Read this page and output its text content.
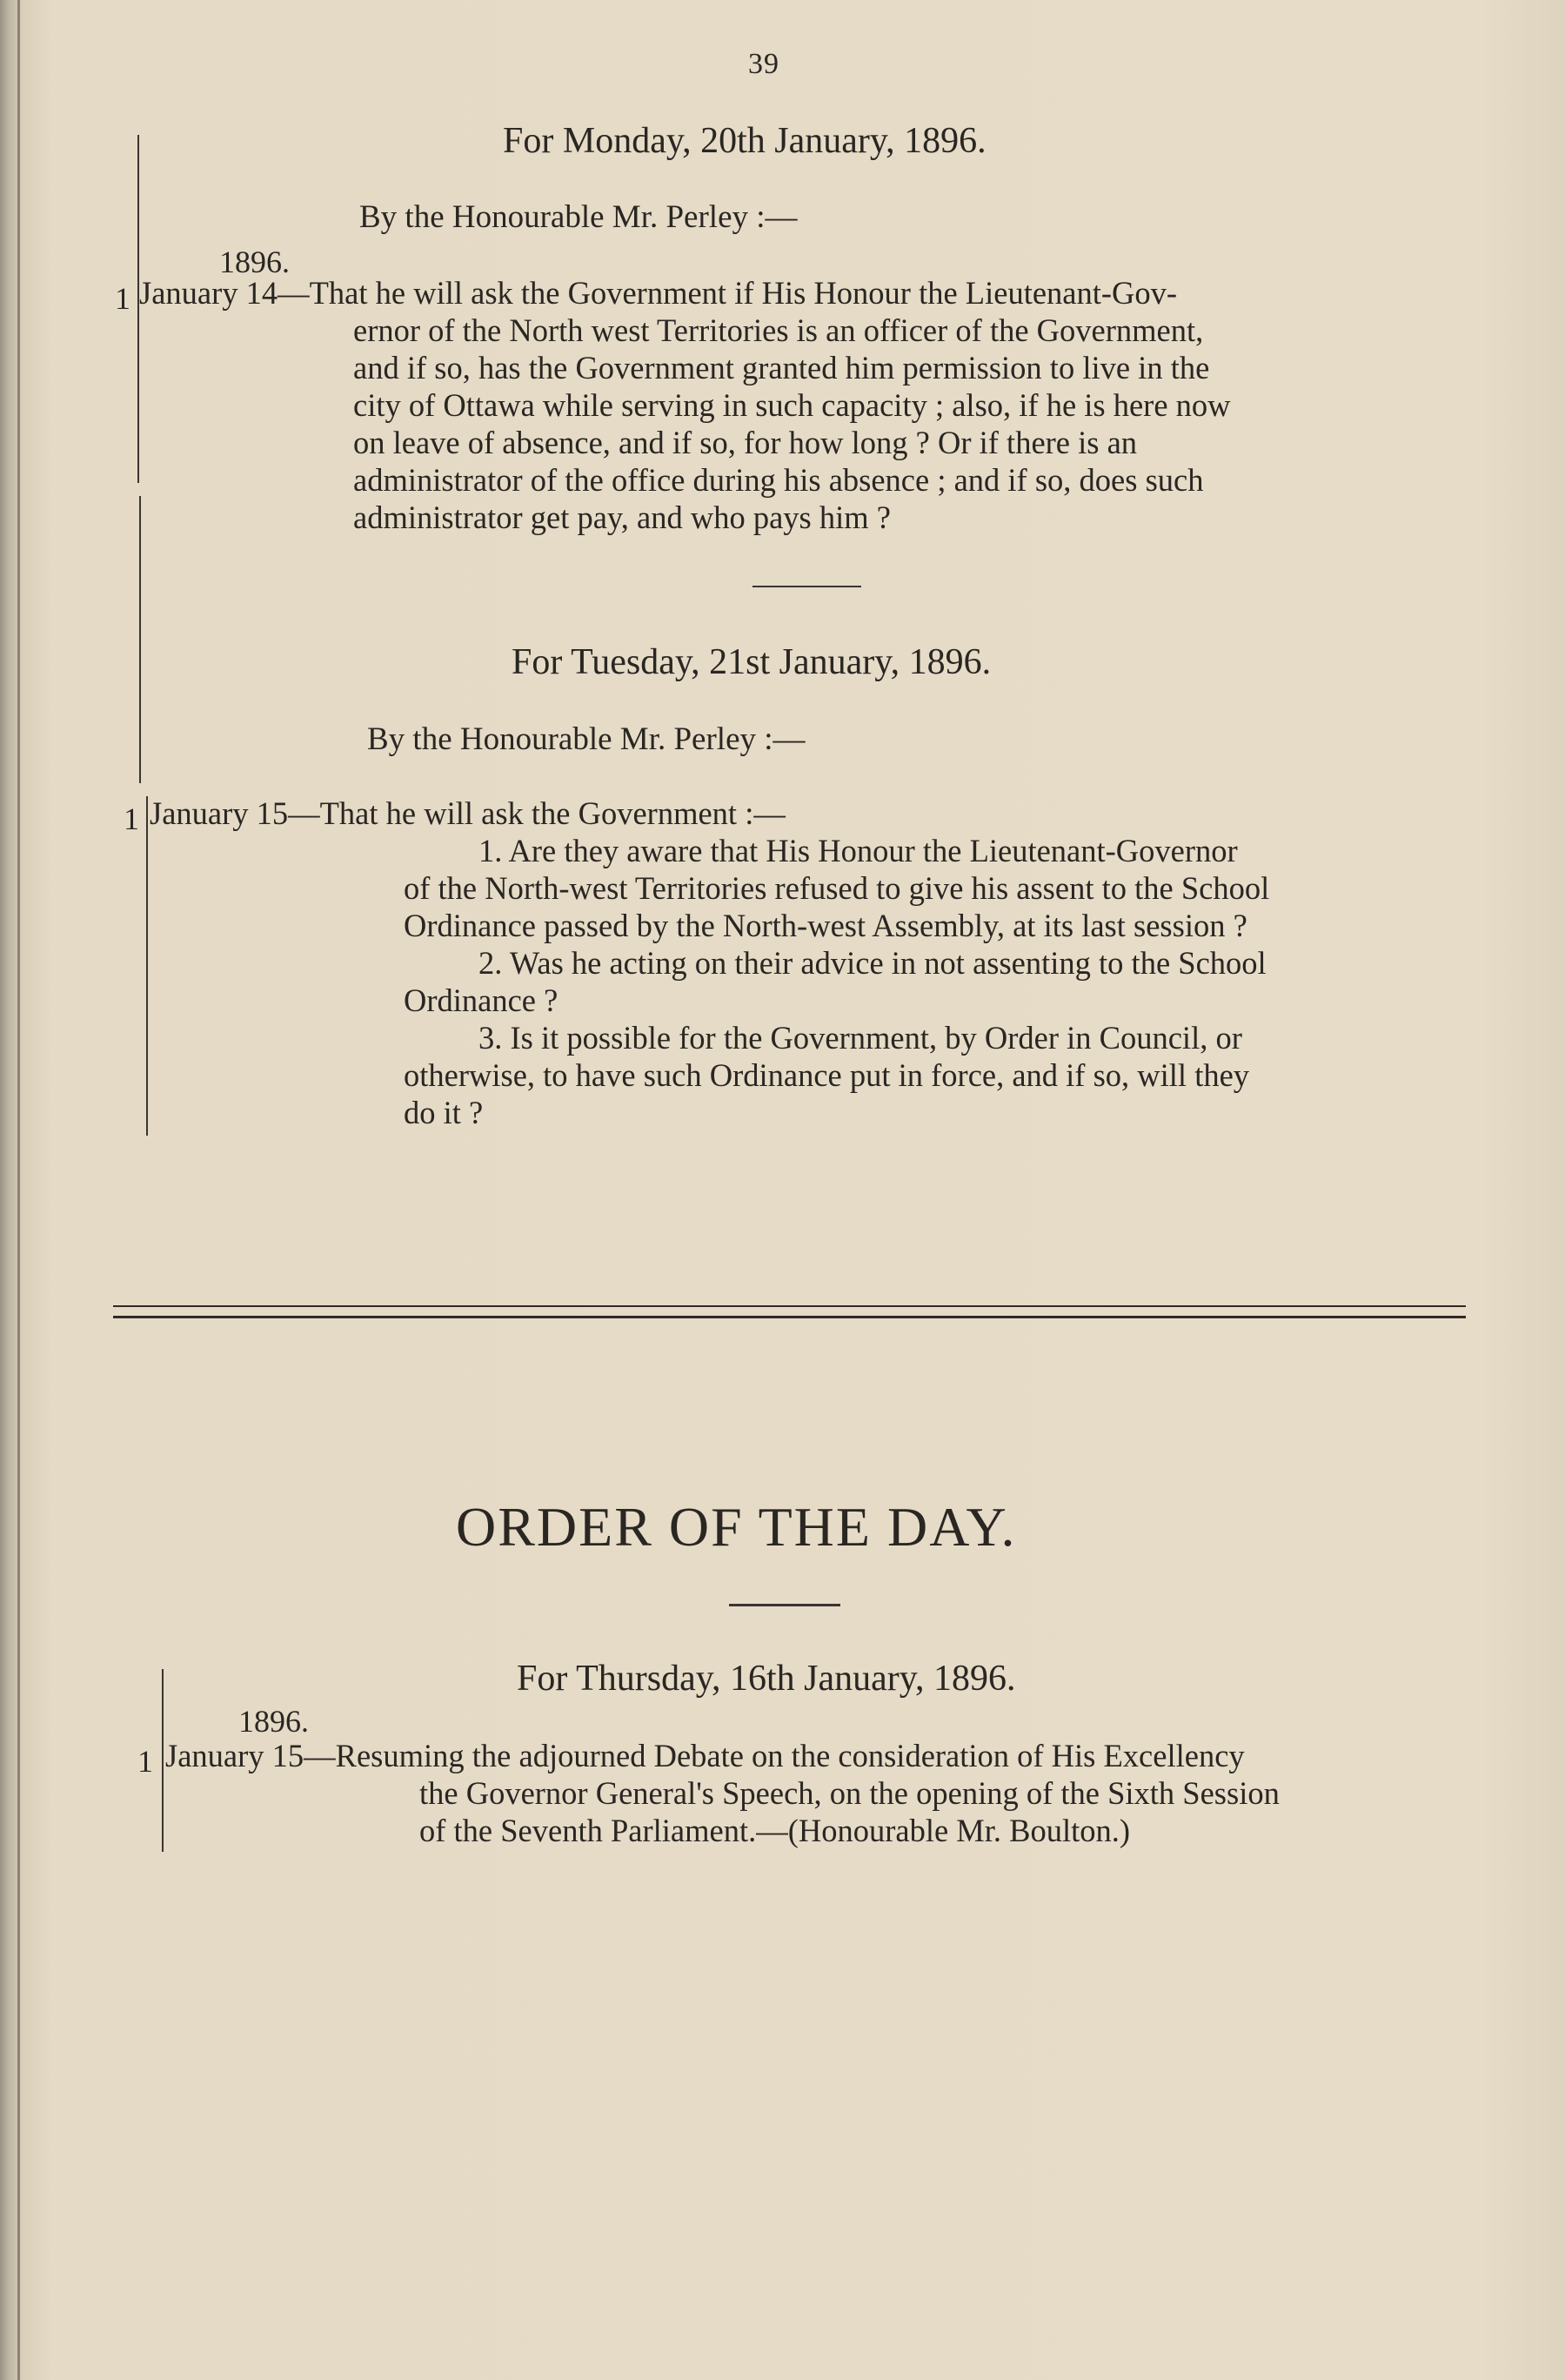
39
For Monday, 20th January, 1896.
By the Honourable Mr. Perley :—
1896.
1 January 14—That he will ask the Government if His Honour the Lieutenant-Gov-
ernor of the North west Territories is an officer of the Government,
and if so, has the Government granted him permission to live in the
city of Ottawa while serving in such capacity ; also, if he is here now
on leave of absence, and if so, for how long ? Or if there is an
administrator of the office during his absence ; and if so, does such
administrator get pay, and who pays him ?
For Tuesday, 21st January, 1896.
By the Honourable Mr. Perley :—
1 January 15—That he will ask the Government :—
1. Are they aware that His Honour the Lieutenant-Governor
of the North-west Territories refused to give his assent to the School
Ordinance passed by the North-west Assembly, at its last session ?
2. Was he acting on their advice in not assenting to the School
Ordinance ?
3. Is it possible for the Government, by Order in Council, or
otherwise, to have such Ordinance put in force, and if so, will they
do it ?
ORDER OF THE DAY.
For Thursday, 16th January, 1896.
1896.
1 January 15—Resuming the adjourned Debate on the consideration of His Excellency
the Governor General's Speech, on the opening of the Sixth Session
of the Seventh Parliament.—(Honourable Mr. Boulton.)
